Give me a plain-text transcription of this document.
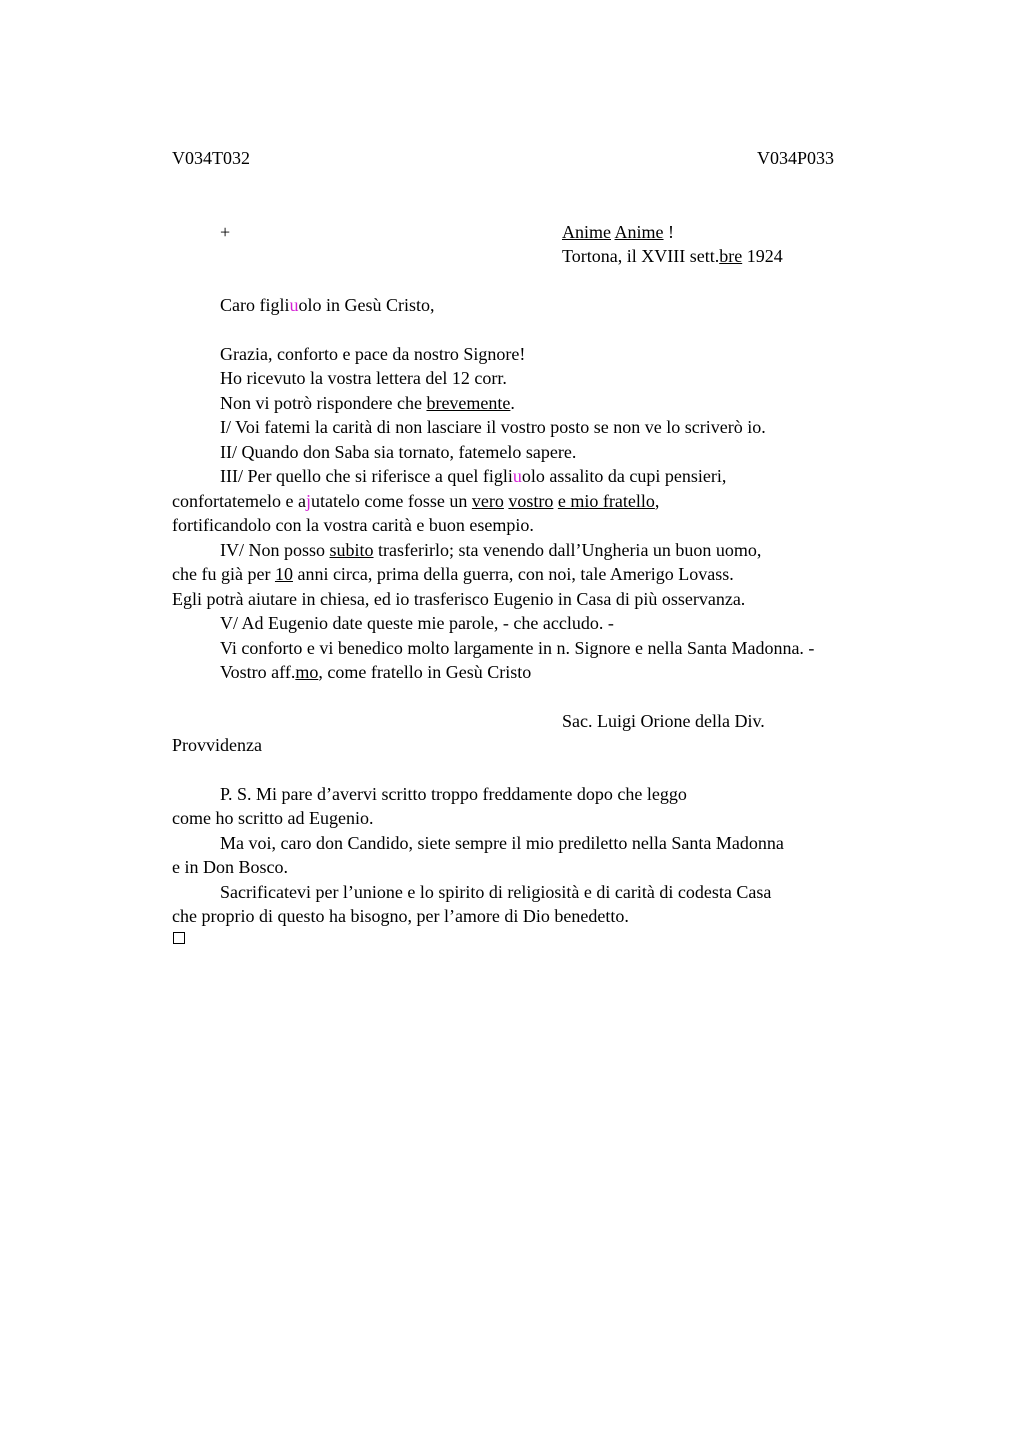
V034T032	V034P033
+	Anime Anime !
Tortona, il XVIII sett.bre 1924
Caro figliuolo in Gesù Cristo,
Grazia, conforto e pace da nostro Signore!
Ho ricevuto la vostra lettera del 12 corr.
Non vi potrò rispondere che brevemente.
I/ Voi fatemi la carità di non lasciare il vostro posto se non ve lo scriverò io.
II/ Quando don Saba sia tornato, fatemelo sapere.
III/ Per quello che si riferisce a quel figliuolo assalito da cupi pensieri,
confortatemelo e ajutatelo come fosse un vero vostro e mio fratello,
fortificandolo con la vostra carità e buon esempio.
IV/ Non posso subito trasferirlo; sta venendo dall’Ungheria un buon uomo,
che fu già per 10 anni circa, prima della guerra, con noi, tale Amerigo Lovass.
Egli potrà aiutare in chiesa, ed io trasferisco Eugenio in Casa di più osservanza.
V/ Ad Eugenio date queste mie parole, - che accludo. -
Vi conforto e vi benedico molto largamente in n. Signore e nella Santa Madonna. -
Vostro aff.mo, come fratello in Gesù Cristo
Sac. Luigi Orione della Div.
Provvidenza
P. S. Mi pare d’avervi scritto troppo freddamente dopo che leggo
come ho scritto ad Eugenio.
Ma voi, caro don Candido, siete sempre il mio prediletto nella Santa Madonna
e in Don Bosco.
Sacrificatevi per l’unione e lo spirito di religiosità e di carità di codesta Casa
che proprio di questo ha bisogno, per l’amore di Dio benedetto.
